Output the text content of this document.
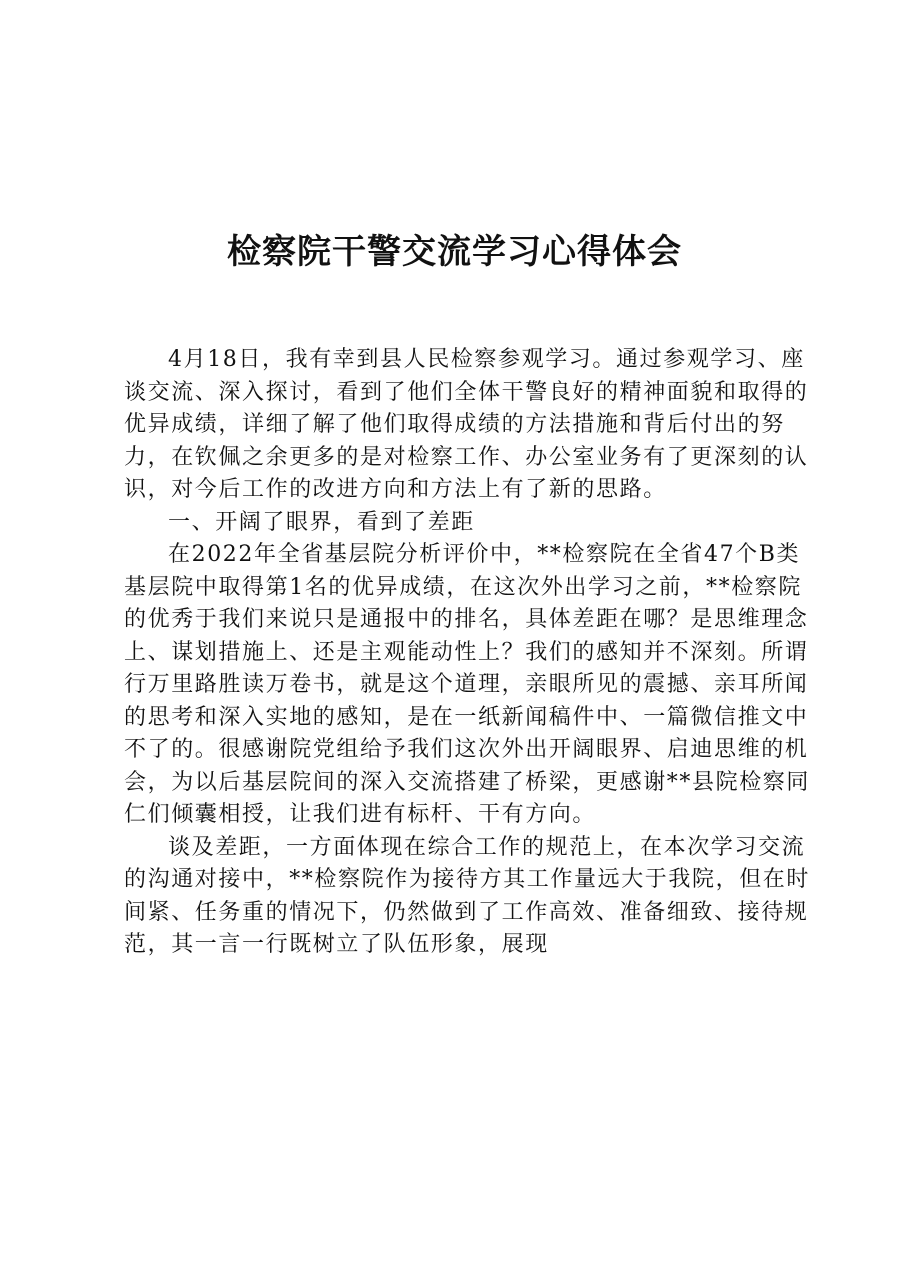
检察院干警交流学习心得体会

4月18日，我有幸到县人民检察参观学习。通过参观学习、座谈交流、深入探讨，看到了他们全体干警良好的精神面貌和取得的优异成绩，详细了解了他们取得成绩的方法措施和背后付出的努力，在钦佩之余更多的是对检察工作、办公室业务有了更深刻的认识，对今后工作的改进方向和方法上有了新的思路。

一、开阔了眼界，看到了差距

在2022年全省基层院分析评价中，**检察院在全省47个B类基层院中取得第1名的优异成绩，在这次外出学习之前，**检察院的优秀于我们来说只是通报中的排名，具体差距在哪？是思维理念上、谋划措施上、还是主观能动性上？我们的感知并不深刻。所谓行万里路胜读万卷书，就是这个道理，亲眼所见的震撼、亲耳所闻的思考和深入实地的感知，是在一纸新闻稿件中、一篇微信推文中 不了的。很感谢院党组给予我们这次外出开阔眼界、启迪思维的机会，为以后基层院间的深入交流搭建了桥梁，更感谢**县院检察同仁们倾囊相授，让我们进有标杆、干有方向。

谈及差距，一方面体现在综合工作的规范上，在本次学习交流的沟通对接中，**检察院作为接待方其工作量远大于我院，但在时间紧、任务重的情况下，仍然做到了工作高效、准备细致、接待规范，其一言一行既树立了队伍形象，展现
